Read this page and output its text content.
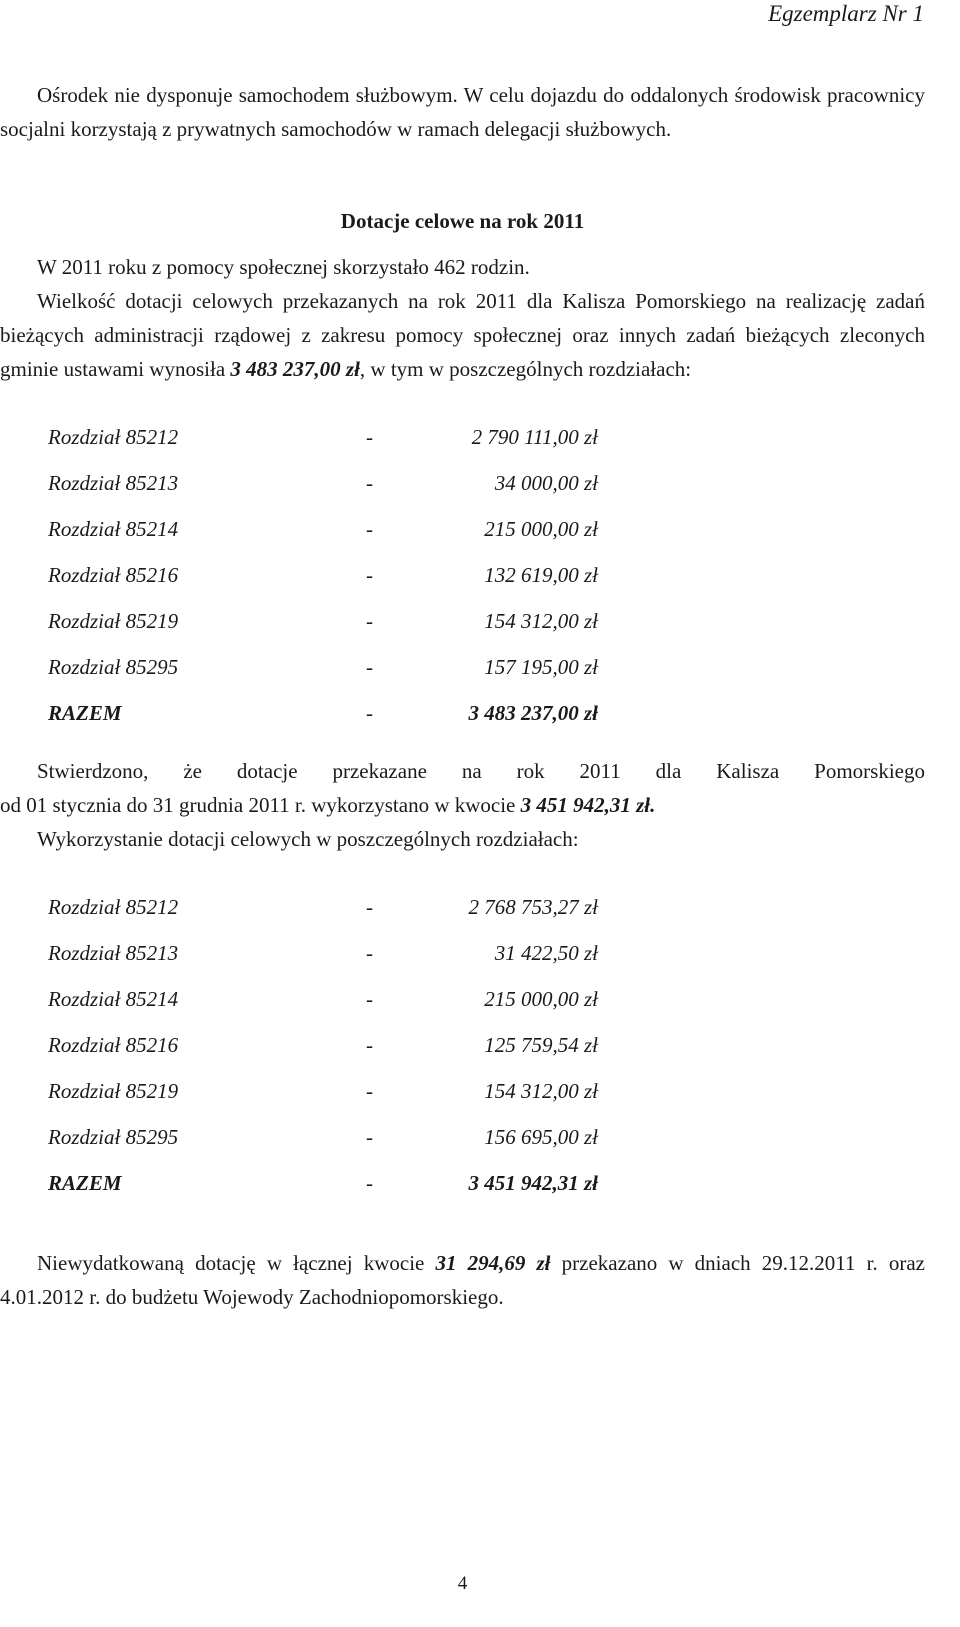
Egzemplarz Nr 1

Ośrodek nie dysponuje samochodem służbowym. W celu dojazdu do oddalonych środowisk pracownicy socjalni korzystają z prywatnych samochodów w ramach delegacji służbowych.

Dotacje celowe na rok 2011

W 2011 roku z pomocy społecznej skorzystało 462 rodzin.

Wielkość dotacji celowych przekazanych na rok 2011 dla Kalisza Pomorskiego na realizację zadań bieżących administracji rządowej z zakresu pomocy społecznej oraz innych zadań bieżących zleconych gminie ustawami wynosiła 3 483 237,00 zł, w tym w poszczególnych rozdziałach:

Rozdział 85212	-	2 790 111,00 zł
Rozdział 85213	-	34 000,00 zł
Rozdział 85214	-	215 000,00 zł
Rozdział 85216	-	132 619,00 zł
Rozdział 85219	-	154 312,00 zł
Rozdział 85295	-	157 195,00 zł
RAZEM	-	3 483 237,00 zł

Stwierdzono, że dotacje przekazane na rok 2011 dla Kalisza Pomorskiego

od 01 stycznia do 31 grudnia 2011 r. wykorzystano w kwocie 3 451 942,31 zł.

Wykorzystanie dotacji celowych w poszczególnych rozdziałach:

Rozdział 85212	-	2 768 753,27 zł
Rozdział 85213	-	31 422,50 zł
Rozdział 85214	-	215 000,00 zł
Rozdział 85216	-	125 759,54 zł
Rozdział 85219	-	154 312,00 zł
Rozdział 85295	-	156 695,00 zł
RAZEM	-	3 451 942,31 zł

Niewydatkowaną dotację w łącznej kwocie 31 294,69 zł przekazano w dniach 29.12.2011 r. oraz 4.01.2012 r. do budżetu Wojewody Zachodniopomorskiego.

4
